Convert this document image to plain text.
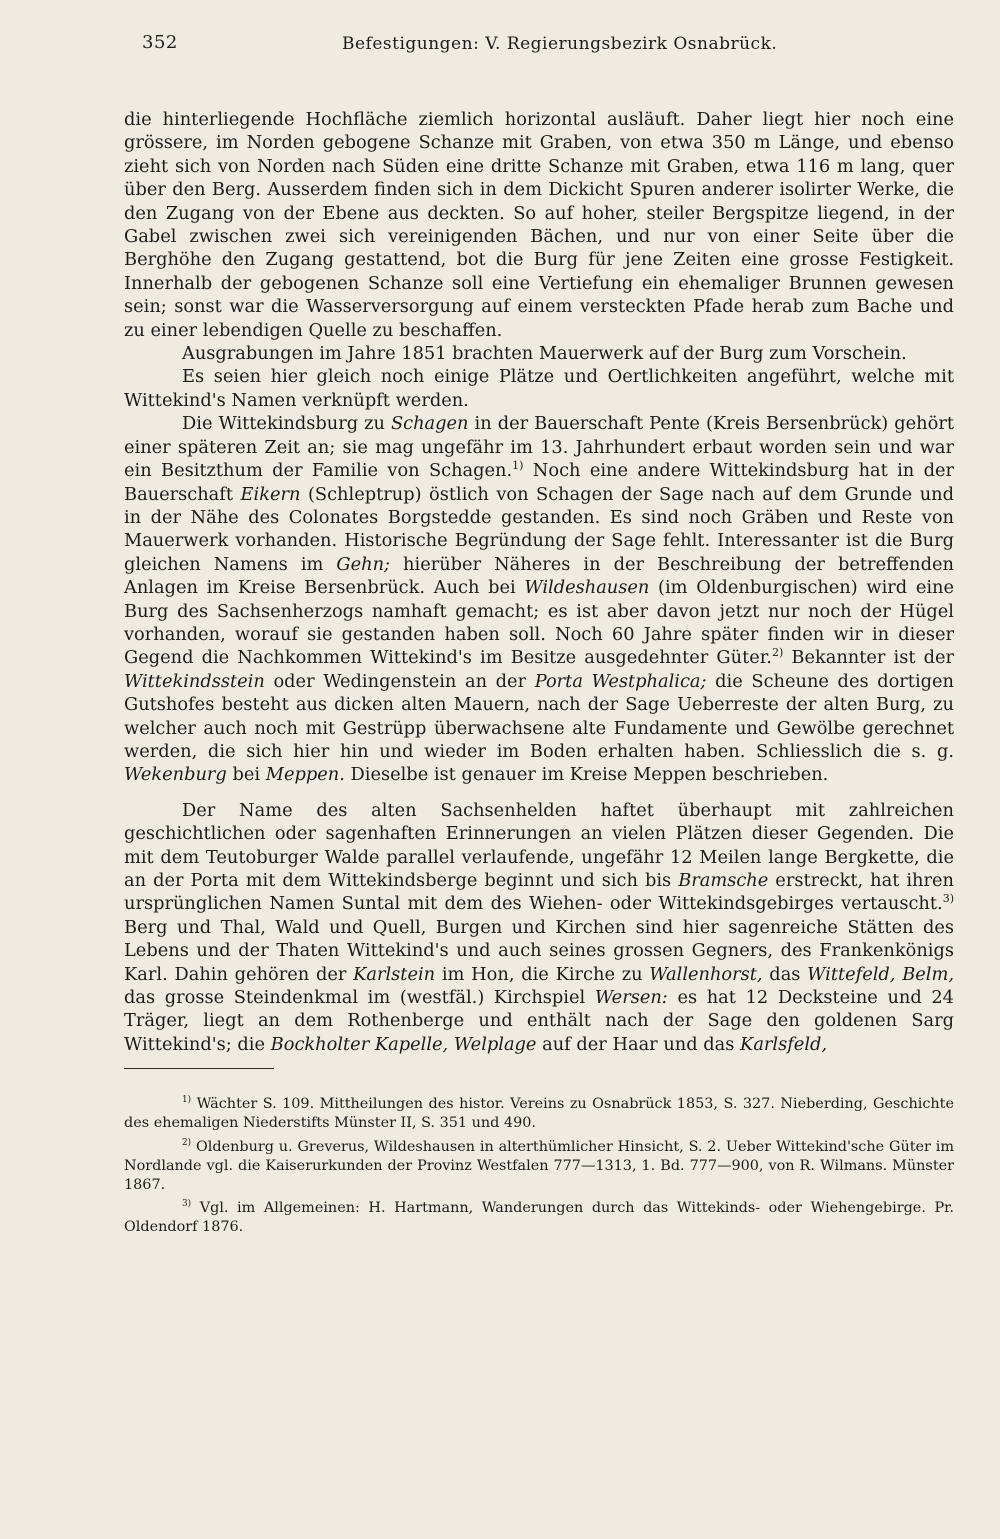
352	Befestigungen: V. Regierungsbezirk Osnabrück.

die hinterliegende Hochfläche ziemlich horizontal ausläuft. Daher liegt hier noch eine grössere, im Norden gebogene Schanze mit Graben, von etwa 350 m Länge, und ebenso zieht sich von Norden nach Süden eine dritte Schanze mit Graben, etwa 116 m lang, quer über den Berg. Ausserdem finden sich in dem Dickicht Spuren anderer isolirter Werke, die den Zugang von der Ebene aus deckten. So auf hoher, steiler Bergspitze liegend, in der Gabel zwischen zwei sich vereinigenden Bächen, und nur von einer Seite über die Berghöhe den Zugang gestattend, bot die Burg für jene Zeiten eine grosse Festigkeit. Innerhalb der gebogenen Schanze soll eine Vertiefung ein ehemaliger Brunnen gewesen sein; sonst war die Wasserversorgung auf einem versteckten Pfade herab zum Bache und zu einer lebendigen Quelle zu beschaffen.

Ausgrabungen im Jahre 1851 brachten Mauerwerk auf der Burg zum Vorschein.

Es seien hier gleich noch einige Plätze und Oertlichkeiten angeführt, welche mit Wittekind's Namen verknüpft werden.

Die Wittekindsburg zu Schagen in der Bauerschaft Pente (Kreis Bersenbrück) gehört einer späteren Zeit an; sie mag ungefähr im 13. Jahrhundert erbaut worden sein und war ein Besitzthum der Familie von Schagen.$^{1)}$ Noch eine andere Wittekindsburg hat in der Bauerschaft Eikern (Schleptrup) östlich von Schagen der Sage nach auf dem Grunde und in der Nähe des Colonates Borgstedde gestanden. Es sind noch Gräben und Reste von Mauerwerk vorhanden. Historische Begründung der Sage fehlt. Interessanter ist die Burg gleichen Namens im Gehn; hierüber Näheres in der Beschreibung der betreffenden Anlagen im Kreise Bersenbrück. Auch bei Wildeshausen (im Oldenburgischen) wird eine Burg des Sachsenherzogs namhaft gemacht; es ist aber davon jetzt nur noch der Hügel vorhanden, worauf sie gestanden haben soll. Noch 60 Jahre später finden wir in dieser Gegend die Nachkommen Wittekind's im Besitze ausgedehnter Güter.$^{2)}$ Bekannter ist der Wittekindsstein oder Wedingenstein an der Porta Westphalica; die Scheune des dortigen Gutshofes besteht aus dicken alten Mauern, nach der Sage Ueberreste der alten Burg, zu welcher auch noch mit Gestrüpp überwachsene alte Fundamente und Gewölbe gerechnet werden, die sich hier hin und wieder im Boden erhalten haben. Schliesslich die s. g. Wekenburg bei Meppen. Dieselbe ist genauer im Kreise Meppen beschrieben.

Der Name des alten Sachsenhelden haftet überhaupt mit zahlreichen geschichtlichen oder sagenhaften Erinnerungen an vielen Plätzen dieser Gegenden. Die mit dem Teutoburger Walde parallel verlaufende, ungefähr 12 Meilen lange Bergkette, die an der Porta mit dem Wittekindsberge beginnt und sich bis Bramsche erstreckt, hat ihren ursprünglichen Namen Suntal mit dem des Wiehen- oder Wittekindsgebirges vertauscht.$^{3)}$ Berg und Thal, Wald und Quell, Burgen und Kirchen sind hier sagenreiche Stätten des Lebens und der Thaten Wittekind's und auch seines grossen Gegners, des Frankenkönigs Karl. Dahin gehören der Karlstein im Hon, die Kirche zu Wallenhorst, das Wittefeld, Belm, das grosse Steindenkmal im (westfäl.) Kirchspiel Wersen: es hat 12 Decksteine und 24 Träger, liegt an dem Rothenberge und enthält nach der Sage den goldenen Sarg Wittekind's; die Bockholter Kapelle, Welplage auf der Haar und das Karlsfeld,

$^{1)}$ Wächter S. 109. Mittheilungen des histor. Vereins zu Osnabrück 1853, S. 327. Nieberding, Geschichte des ehemaligen Niederstifts Münster II, S. 351 und 490.

$^{2)}$ Oldenburg u. Greverus, Wildeshausen in alterthümlicher Hinsicht, S. 2. Ueber Wittekind'sche Güter im Nordlande vgl. die Kaiserurkunden der Provinz Westfalen 777—1313, 1. Bd. 777—900, von R. Wilmans. Münster 1867.

$^{3)}$ Vgl. im Allgemeinen: H. Hartmann, Wanderungen durch das Wittekinds- oder Wiehengebirge. Pr. Oldendorf 1876.
